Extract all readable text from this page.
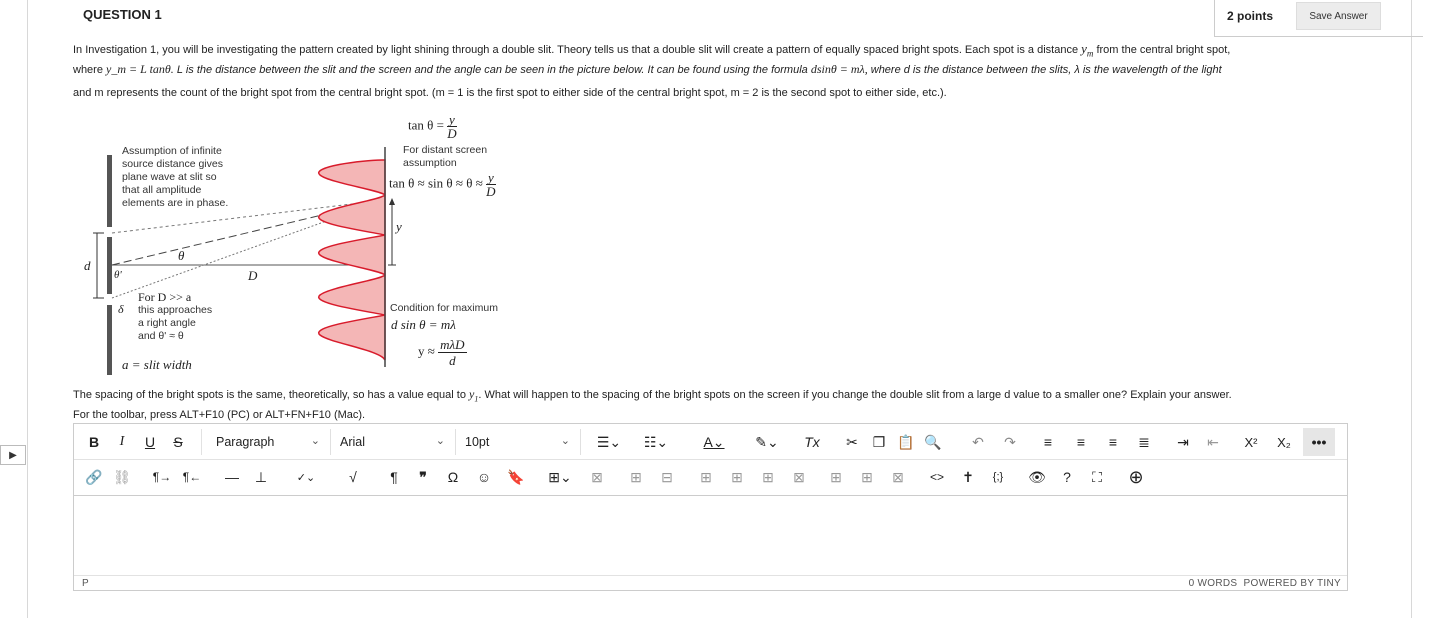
▶
QUESTION 1	2 points	Save Answer
In Investigation 1, you will be investigating the pattern created by light shining through a double slit. Theory tells us that a double slit will create a pattern of equally spaced bright spots. Each spot is a distance $y_m$ from the central bright spot,
where y_m = L tanθ. L is the distance between the slit and the screen and the angle can be seen in the picture below. It can be found using the formula dsinθ = mλ, where d is the distance between the slits, λ is the wavelength of the light
and m represents the count of the bright spot from the central bright spot. (m = 1 is the first spot to either side of the central bright spot, m = 2 is the second spot to either side, etc.).
$\tan \theta = \frac{y}{D}$
Assumption of infinite
source distance gives
plane wave at slit so
that all amplitude
elements are in phase.
For distant screen
assumption
$\tan \theta \approx \sin \theta \approx \theta \approx \frac{y}{D}$
y
d
θ
θ'	D
δ
For D >> a
this approaches
a right angle
and θ' ≈ θ
a = slit width
Condition for maximum
d sin θ = mλ
y ≈ mλD
d
The spacing of the bright spots is the same, theoretically, so has a value equal to $y_1$. What will happen to the spacing of the bright spots on the screen if you change the double slit from a large d value to a smaller one? Explain your answer.
For the toolbar, press ALT+F10 (PC) or ALT+FN+F10 (Mac).
B	I	U	S	Paragraph	⌄ Arial	⌄ 10pt	⌄	☰⌄	☷⌄	A⌄	✎⌄	Tx	✂	❐ 📋 🔍	↶	↷	≡	≡	≡	≣	⇥	⇤	X²	X₂	•••
🔗 ⛓ ¶→ ¶←	—	⊥	✓⌄	√	¶	❞	Ω	☺	🔖	⊞⌄	⊠	⊞	⊟	⊞	⊞	⊞	⊠	⊞	⊞	⊠	<>	✝	{;}	👁	?	⛶	⊕
P	0 WORDS POWERED BY TINY
